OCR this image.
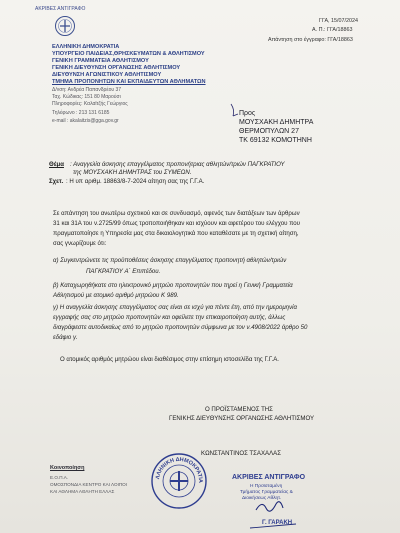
ΑΚΡΙΒΕΣ ΑΝΤΙΓΡΑΦΟ
ΕΛΛΗΝΙΚΗ ΔΗΜΟΚΡΑΤΙΑ
ΥΠΟΥΡΓΕΙΟ ΠΑΙΔΕΙΑΣ,ΘΡΗΣΚΕΥΜΑΤΩΝ & ΑΘΛΗΤΙΣΜΟΥ
ΓΕΝΙΚΗ ΓΡΑΜΜΑΤΕΙΑ ΑΘΛΗΤΙΣΜΟΥ
ΓΕΝΙΚΗ ΔΙΕΥΘΥΝΣΗ ΟΡΓΑΝΩΣΗΣ ΑΘΛΗΤΙΣΜΟΥ
ΔΙΕΥΘΥΝΣΗ ΑΓΩΝΙΣΤΙΚΟΥ ΑΘΛΗΤΙΣΜΟΥ
ΤΜΗΜΑ ΠΡΟΠΟΝΗΤΩΝ ΚΑΙ ΕΚΠΑΙΔΕΥΤΩΝ ΑΘΛΗΜΑΤΩΝ
Δ/νση: Ανδρέα Παπανδρέου 37
Ταχ. Κώδικας: 151 80 Μαρούσι
Πληροφορίες: Καλαϊτζής Γεώργιος
Τηλέφωνο : 213 131 6185
e-mail : akalaitzis@gga.gov.gr
ΓΓΑ, 15/07/2024
Α. Π.: ΓΓΑ/18863
Απάντηση στο έγγραφο: ΓΓΑ/18863
Προς
ΜΟΥΣΧΑΚΗ ΔΗΜΗΤΡΑ
ΘΕΡΜΟΠΥΛΩΝ 27
ΤΚ 69132 ΚΟΜΟΤΗΝΗ
Θέμα : Αναγγελία άσκησης επαγγέλματος προπονήτριας αθλητών/τριών ΠΑΓΚΡΑΤΙΟΥ
της ΜΟΥΣΧΑΚΗ ΔΗΜΗΤΡΑΣ του ΣΥΜΕΩΝ.
Σχετ. : Η υπ αριθμ. 18863/8-7-2024 αίτηση σας της Γ.Γ.Α.
Σε απάντηση του ανωτέρω σχετικού και σε συνδυασμό, αφενός των διατάξεων των άρθρων
31 και 31Α του ν.2725/99 όπως τροποποιήθηκαν και ισχύουν και αφετέρου του ελέγχου που
πραγματοποίησε η Υπηρεσία μας στα δικαιολογητικά που καταθέσατε με τη σχετική αίτηση,
σας γνωρίζουμε ότι:
α) Συγκεντρώνετε τις προϋποθέσεις άσκησης επαγγέλματος προπονητή αθλητών/τριών
ΠΑΓΚΡΑΤΙΟΥ Α΄ Επιπέδου.
β) Καταχωρηθήκατε στο ηλεκτρονικό μητρώο προπονητών που τηρεί η Γενική Γραμματεία
Αθλητισμού με ατομικό αριθμό μητρώου K 989.
γ) Η αναγγελία άσκησης επαγγέλματος σας είναι σε ισχύ για πέντε έτη, από την ημερομηνία
εγγραφής σας στο μητρώο προπονητών και οφείλετε την επικαιροποίηση αυτής, άλλως
διαγράφεστε αυτοδικαίως από το μητρώο προπονητών σύμφωνα με τον ν.4908/2022 άρθρο 50
εδάφιο γ.
Ο ατομικός αριθμός μητρώου είναι διαθέσιμος στην επίσημη ιστοσελίδα της Γ.Γ.Α.
Ο ΠΡΟΪΣΤΑΜΕΝΟΣ ΤΗΣ
ΓΕΝΙΚΗΣ ΔΙΕΥΘΥΝΣΗΣ ΟΡΓΑΝΩΣΗΣ ΑΘΛΗΤΙΣΜΟΥ
ΚΩΝΣΤΑΝΤΙΝΟΣ ΤΣΑΧΑΛΑΣ
Κοινοποίηση
Ε.Ο.Π.Α.
ΟΜΟΣΠΟΝΔΙΑ ΚΕΝΤΡΟ ΚΑΙ ΛΟΙΠΟΙ
ΚΑΙ ΑΘΛΗΜΑ ΑΘΛΗΤΗ ΕΛΛΑΣ
ΛΛΗΝΙΚΗ ΔΗΜΟΚΡΑΤΙΑ	ΑΚΡΙΒΕΣ ΑΝΤΙΓΡΑΦΟ
Η Προϊσταμένη
Τμήματος Γραμματείας &
Διοικήσεως Αθλητ.
Γ. ΓΑΡΑΚΗ
